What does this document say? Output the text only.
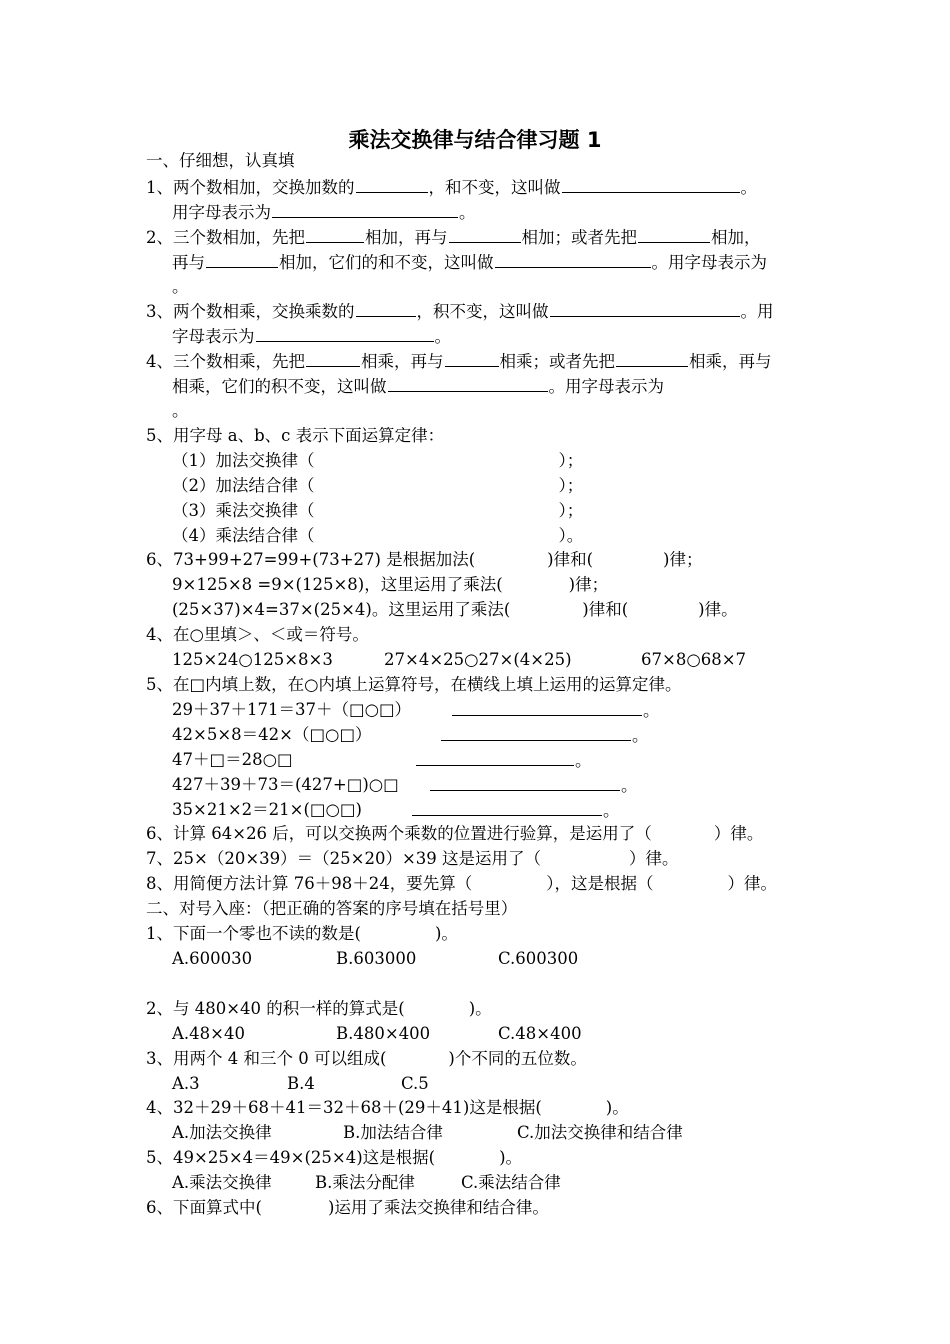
乘法交换律与结合律习题 1
一、仔细想，认真填
1、两个数相加，交换加数的	，和不变，这叫做	。
用字母表示为	。
2、三个数相加，先把	相加，再与	相加；或者先把	相加，
再与	相加，它们的和不变，这叫做	。用字母表示为
。
3、两个数相乘，交换乘数的	，积不变，这叫做	。用
字母表示为	。
4、三个数相乘，先把	相乘，再与	相乘；或者先把	相乘，再与
相乘，它们的积不变，这叫做	。用字母表示为
。
5、用字母 a、b、c 表示下面运算定律：
（1）加法交换律（	）；
（2）加法结合律（	）；
（3）乘法交换律（	）；
（4）乘法结合律（	）。
6、73+99+27=99+(73+27) 是根据加法(	)律和(	)律；
9×125×8 =9×(125×8)，这里运用了乘法(	)律；
(25×37)×4=37×(25×4)。这里运用了乘法(	)律和(	)律。
4、在○里填＞、＜或＝符号。
125×24○125×8×3	27×4×25○27×(4×25)	67×8○68×7
5、在□内填上数，在○内填上运算符号，在横线上填上运用的运算定律。
29＋37＋171＝37＋（□○□）	。
42×5×8＝42×（□○□）	。
47＋□＝28○□	。
427＋39＋73＝(427+□)○□	。
35×21×2＝21×(□○□)	。
6、计算 64×26 后，可以交换两个乘数的位置进行验算，是运用了（	）律。
7、25×（20×39）＝（25×20）×39 这是运用了（	）律。
8、用简便方法计算 76＋98＋24，要先算（	），这是根据（	）律。
二、对号入座：（把正确的答案的序号填在括号里）
1、下面一个零也不读的数是(	)。
A.600030	B.603000	C.600300
2、与 480×40 的积一样的算式是(	)。
A.48×40	B.480×400	C.48×400
3、用两个 4 和三个 0 可以组成(	)个不同的五位数。
A.3	B.4	C.5
4、32＋29＋68＋41＝32＋68＋(29＋41)这是根据(	)。
A.加法交换律	B.加法结合律	C.加法交换律和结合律
5、49×25×4＝49×(25×4)这是根据(	)。
A.乘法交换律	B.乘法分配律	C.乘法结合律
6、下面算式中(	)运用了乘法交换律和结合律。
